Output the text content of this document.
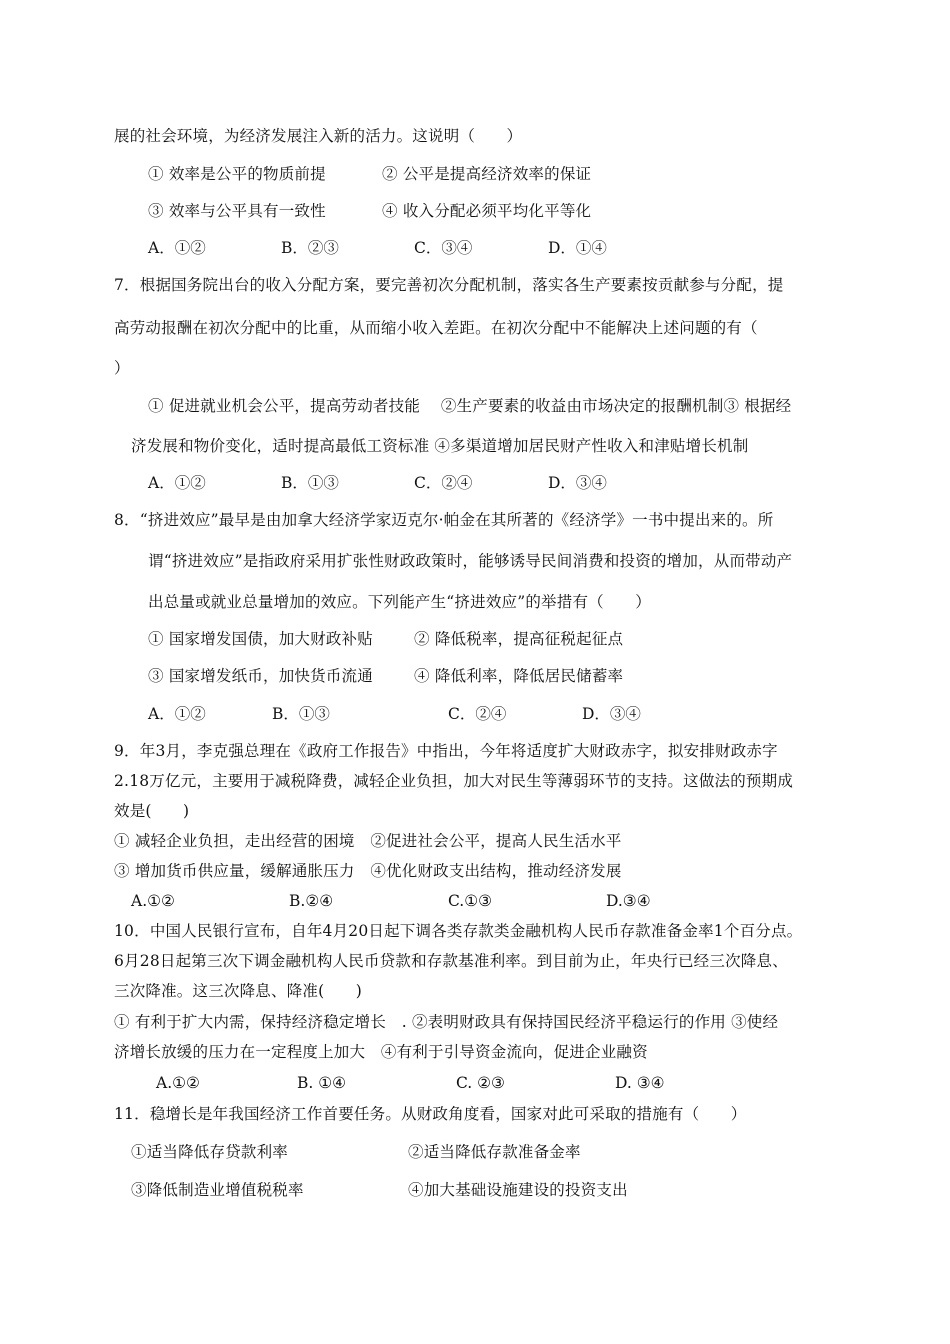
展的社会环境，为经济发展注入新的活力。这说明（　　）
① 效率是公平的物质前提	② 公平是提高经济效率的保证
③ 效率与公平具有一致性	④ 收入分配必须平均化平等化
A．①②	B．②③	C．③④	D．①④
7．根据国务院出台的收入分配方案，要完善初次分配机制，落实各生产要素按贡献参与分配，提
高劳动报酬在初次分配中的比重，从而缩小收入差距。在初次分配中不能解决上述问题的有（
）
① 促进就业机会公平，提高劳动者技能　 ②生产要素的收益由市场决定的报酬机制③ 根据经
济发展和物价变化，适时提高最低工资标准 ④多渠道增加居民财产性收入和津贴增长机制
A．①②	B．①③	C．②④	D．③④
8．“挤进效应”最早是由加拿大经济学家迈克尔·帕金在其所著的《经济学》一书中提出来的。所
谓“挤进效应”是指政府采用扩张性财政政策时，能够诱导民间消费和投资的增加，从而带动产
出总量或就业总量增加的效应。下列能产生“挤进效应”的举措有（　　）
① 国家增发国债，加大财政补贴	② 降低税率，提高征税起征点
③ 国家增发纸币，加快货币流通	④ 降低利率，降低居民储蓄率
A．①②	B．①③	C．②④	D．③④
9．年3月，李克强总理在《政府工作报告》中指出，今年将适度扩大财政赤字，拟安排财政赤字
2.18万亿元，主要用于减税降费，减轻企业负担，加大对民生等薄弱环节的支持。这做法的预期成
效是(　　)
① 减轻企业负担，走出经营的困境　②促进社会公平，提高人民生活水平
③ 增加货币供应量，缓解通胀压力　④优化财政支出结构，推动经济发展
A.①②	B.②④	C.①③	D.③④
10．中国人民银行宣布，自年4月20日起下调各类存款类金融机构人民币存款准备金率1个百分点。
6月28日起第三次下调金融机构人民币贷款和存款基准利率。到目前为止，年央行已经三次降息、
三次降准。这三次降息、降准(　　)
① 有利于扩大内需，保持经济稳定增长　. ②表明财政具有保持国民经济平稳运行的作用 ③使经
济增长放缓的压力在一定程度上加大　④有利于引导资金流向，促进企业融资
A.①②	B. ①④	C. ②③	D. ③④
11．稳增长是年我国经济工作首要任务。从财政角度看，国家对此可采取的措施有（　　）
①适当降低存贷款利率	②适当降低存款准备金率
③降低制造业增值税税率	④加大基础设施建设的投资支出
